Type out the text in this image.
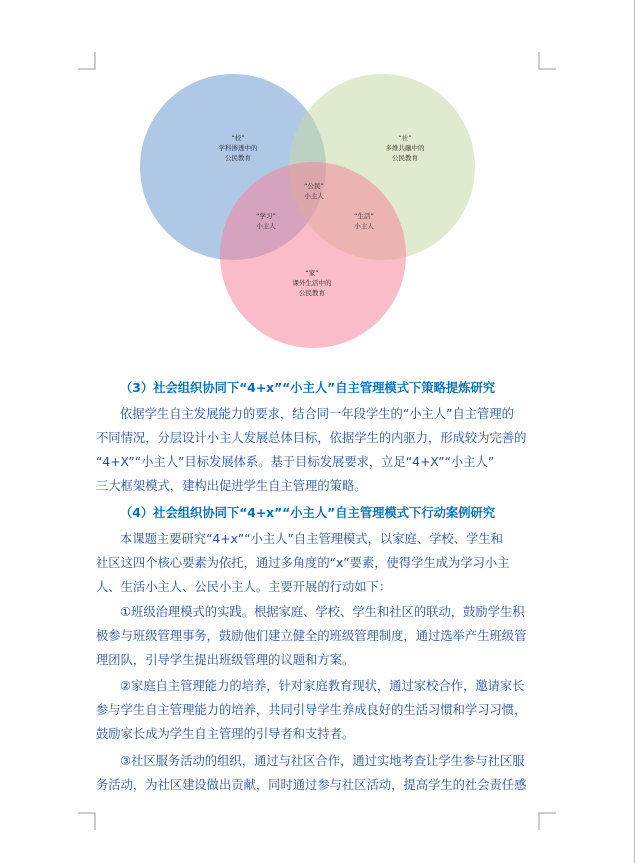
“校”
学科渗透中的
公民教育
“社”
多维共融中的
公民教育
“公民”
小主人
“学习”
小主人
“生活”
小主人
“家”
课外生活中的
公民教育
（3）社会组织协同下“4+x”“小主人”自主管理模式下策略提炼研究
依据学生自主发展能力的要求，结合同一年段学生的“小主人”自主管理的
不同情况，分层设计小主人发展总体目标，依据学生的内驱力，形成较为完善的
“4+X”“小主人”目标发展体系。基于目标发展要求，立足“4+X”“小主人”
三大框架模式，建构出促进学生自主管理的策略。
（4）社会组织协同下“4+x”“小主人”自主管理模式下行动案例研究
本课题主要研究“4+x”“小主人”自主管理模式，以家庭、学校、学生和
社区这四个核心要素为依托，通过多角度的“x”要素，使得学生成为学习小主
人、生活小主人、公民小主人。主要开展的行动如下：
①班级治理模式的实践。根据家庭、学校、学生和社区的联动，鼓励学生积
极参与班级管理事务，鼓励他们建立健全的班级管理制度，通过选举产生班级管
理团队，引导学生提出班级管理的议题和方案。
②家庭自主管理能力的培养，针对家庭教育现状，通过家校合作，邀请家长
参与学生自主管理能力的培养，共同引导学生养成良好的生活习惯和学习习惯，
鼓励家长成为学生自主管理的引导者和支持者。
③社区服务活动的组织，通过与社区合作，通过实地考查让学生参与社区服
务活动，为社区建设做出贡献，同时通过参与社区活动，提高学生的社会责任感
